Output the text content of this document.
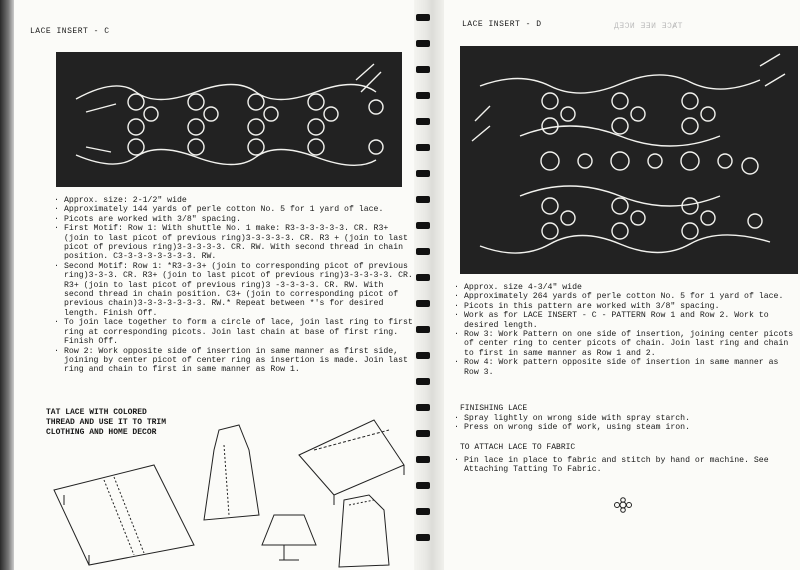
LACE INSERT - C
. Approx. size: 2-1/2" wide
. Approximately 144 yards of perle cotton No. 5 for 1 yard of lace.
. Picots are worked with 3/8" spacing.
. First Motif: Row 1: With shuttle No. 1 make: R3-3-3-3-3-3. CR. R3+ (join to last picot of previous ring)3-3-3-3-3. CR. R3 + (join to last picot of previous ring)3-3-3-3-3. CR. RW. With second thread in chain position. C3-3-3-3-3-3-3-3. RW.
. Second Motif: Row 1: *R3-3-3+ (join to corresponding picot of previous ring)3-3-3. CR. R3+ (join to last picot of previous ring)3-3-3-3-3. CR. R3+ (join to last picot of previous ring)3 -3-3-3-3. CR. RW. With second thread in chain position. C3+ (join to corresponding picot of previous chain)3-3-3-3-3-3-3. RW.* Repeat between *'s for desired length. Finish Off.
. To join lace together to form a circle of lace, join last ring to first ring at corresponding picots. Join last chain at base of first ring. Finish Off.
. Row 2: Work opposite side of insertion in same manner as first side, joining by center picot of center ring as insertion is made. Join last ring and chain to first in same manner as Row 1.
TAT LACE WITH COLORED THREAD AND USE IT TO TRIM CLOTHING AND HOME DECOR
LACE INSERT - D	ДƎƆИ ƎƎИ ƎƆȺΤ
. Approx. size 4-3/4" wide
. Approximately 264 yards of perle cotton No. 5 for 1 yard of lace.
. Picots in this pattern are worked with 3/8" spacing.
. Work as for LACE INSERT - C - PATTERN Row 1 and Row 2. Work to desired length.
. Row 3: Work Pattern on one side of insertion, joining center picots of center ring to center picots of chain. Join last ring and chain to first in same manner as Row 1 and 2.
. Row 4: Work pattern opposite side of insertion in same manner as Row 3.
FINISHING LACE
. Spray lightly on wrong side with spray starch.
. Press on wrong side of work, using steam iron.
TO ATTACH LACE TO FABRIC
. Pin lace in place to fabric and stitch by hand or machine. See Attaching Tatting To Fabric.
